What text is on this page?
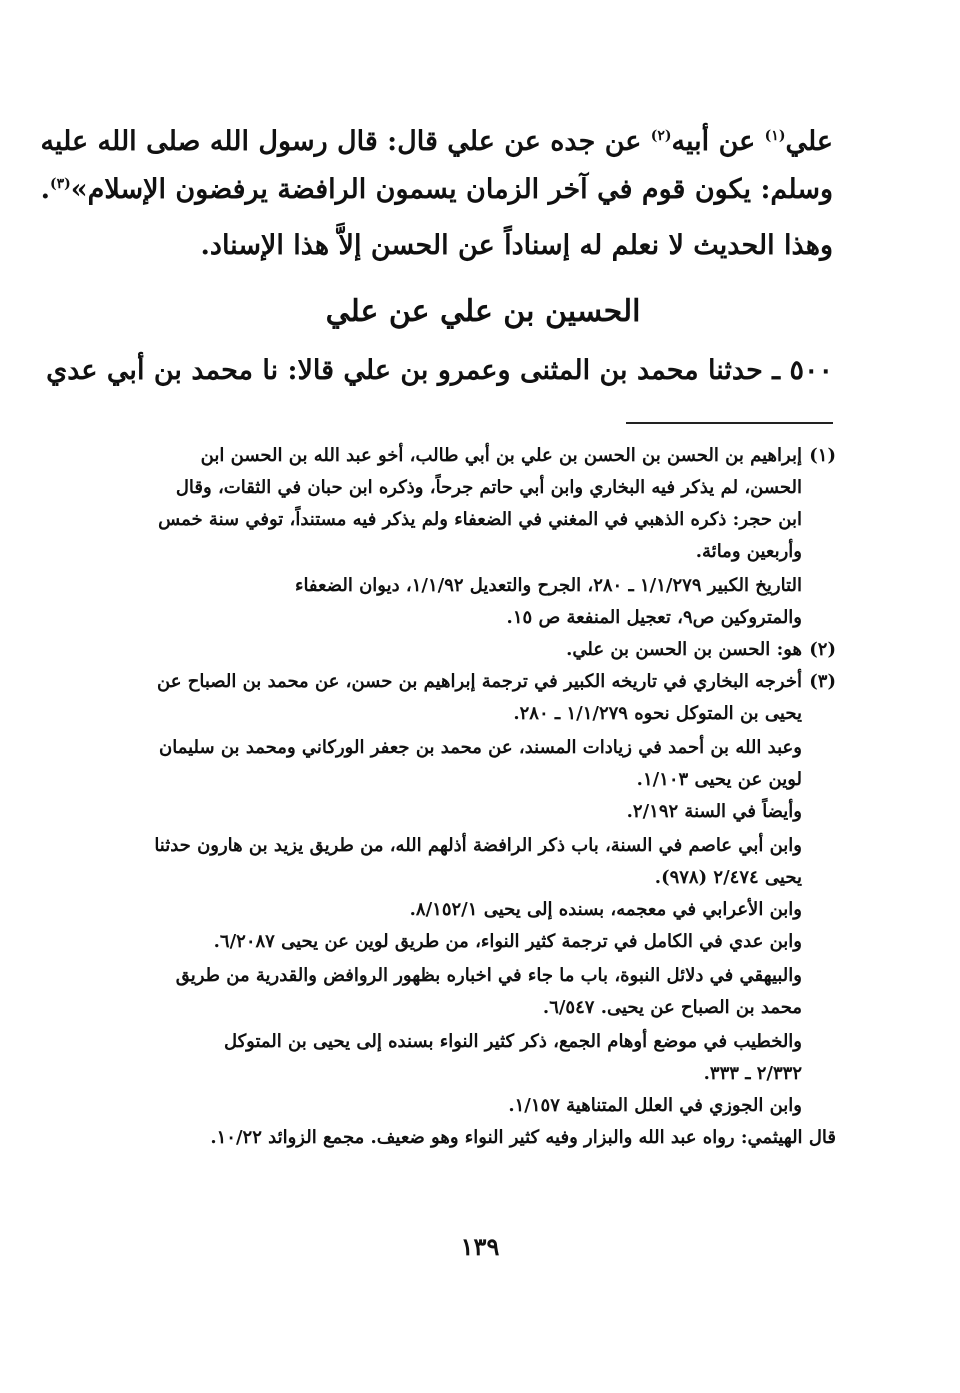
علي$^{(١)}$ عن أبيه$^{(٢)}$ عن جده عن علي قال: قال رسول الله صلى الله عليه
وسلم: يكون قوم في آخر الزمان يسمون الرافضة يرفضون الإسلام»$^{(٣)}$.
وهذا الحديث لا نعلم له إسناداً عن الحسن إلاَّ هذا الإسناد.
الحسين بن علي عن علي
٥٠٠ ـ حدثنا محمد بن المثنى وعمرو بن علي قالا: نا محمد بن أبي عدي
(١)إبراهيم بن الحسن بن الحسن بن علي بن أبي طالب، أخو عبد الله بن الحسن ابن
الحسن، لم يذكر فيه البخاري وابن أبي حاتم جرحاً، وذكره ابن حبان في الثقات، وقال
ابن حجر: ذكره الذهبي في المغني في الضعفاء ولم يذكر فيه مستنداً، توفي سنة خمس
وأربعين ومائة.
التاريخ الكبير ١/١/٢٧٩ ـ ٢٨٠، الجرح والتعديل ١/١/٩٢، ديوان الضعفاء
والمتروكين ص٩، تعجيل المنفعة ص ١٥.
(٢)هو: الحسن بن الحسن بن علي.
(٣)أخرجه البخاري في تاريخه الكبير في ترجمة إبراهيم بن حسن، عن محمد بن الصباح عن
يحيى بن المتوكل نحوه ١/١/٢٧٩ ـ ٢٨٠.
وعبد الله بن أحمد في زيادات المسند، عن محمد بن جعفر الوركاني ومحمد بن سليمان
لوين عن يحيى ١/١٠٣.
وأيضاً في السنة ٢/١٩٢.
وابن أبي عاصم في السنة، باب ذكر الرافضة أذلهم الله، من طريق يزيد بن هارون حدثنا
يحيى ٢/٤٧٤ (٩٧٨).
وابن الأعرابي في معجمه، بسنده إلى يحيى ٨/١٥٢/١.
وابن عدي في الكامل في ترجمة كثير النواء، من طريق لوين عن يحيى ٦/٢٠٨٧.
والبيهقي في دلائل النبوة، باب ما جاء في اخباره بظهور الروافض والقدرية من طريق
محمد بن الصباح عن يحيى. ٦/٥٤٧.
والخطيب في موضع أوهام الجمع، ذكر كثير النواء بسنده إلى يحيى بن المتوكل
٢/٣٣٢ ـ ٣٣٣.
وابن الجوزي في العلل المتناهية ١/١٥٧.
قال الهيثمي: رواه عبد الله والبزار وفيه كثير النواء وهو ضعيف. مجمع الزوائد ١٠/٢٢.
١٣٩
